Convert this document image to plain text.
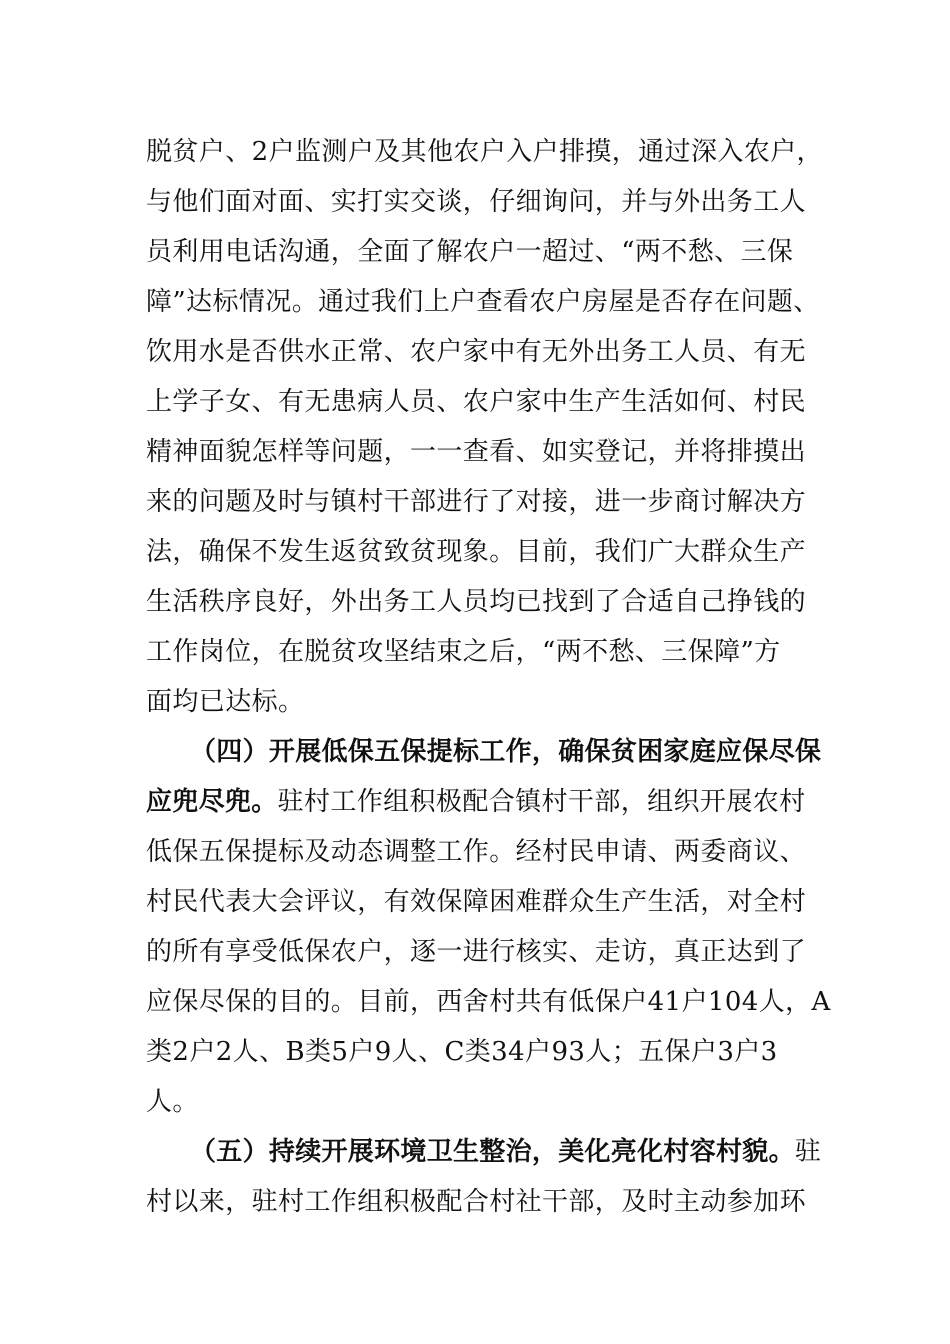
脱贫户、2户监测户及其他农户入户排摸，通过深入农户，
与他们面对面、实打实交谈，仔细询问，并与外出务工人
员利用电话沟通，全面了解农户一超过、“两不愁、三保
障”达标情况。通过我们上户查看农户房屋是否存在问题、
饮用水是否供水正常、农户家中有无外出务工人员、有无
上学子女、有无患病人员、农户家中生产生活如何、村民
精神面貌怎样等问题，一一查看、如实登记，并将排摸出
来的问题及时与镇村干部进行了对接，进一步商讨解决方
法，确保不发生返贫致贫现象。目前，我们广大群众生产
生活秩序良好，外出务工人员均已找到了合适自己挣钱的
工作岗位，在脱贫攻坚结束之后，“两不愁、三保障”方
面均已达标。
（四）开展低保五保提标工作，确保贫困家庭应保尽保
应兜尽兜。驻村工作组积极配合镇村干部，组织开展农村
低保五保提标及动态调整工作。经村民申请、两委商议、
村民代表大会评议，有效保障困难群众生产生活，对全村
的所有享受低保农户，逐一进行核实、走访，真正达到了
应保尽保的目的。目前，西舍村共有低保户41户104人，A
类2户2人、B类5户9人、C类34户93人；五保户3户3
人。
（五）持续开展环境卫生整治，美化亮化村容村貌。驻
村以来，驻村工作组积极配合村社干部，及时主动参加环
